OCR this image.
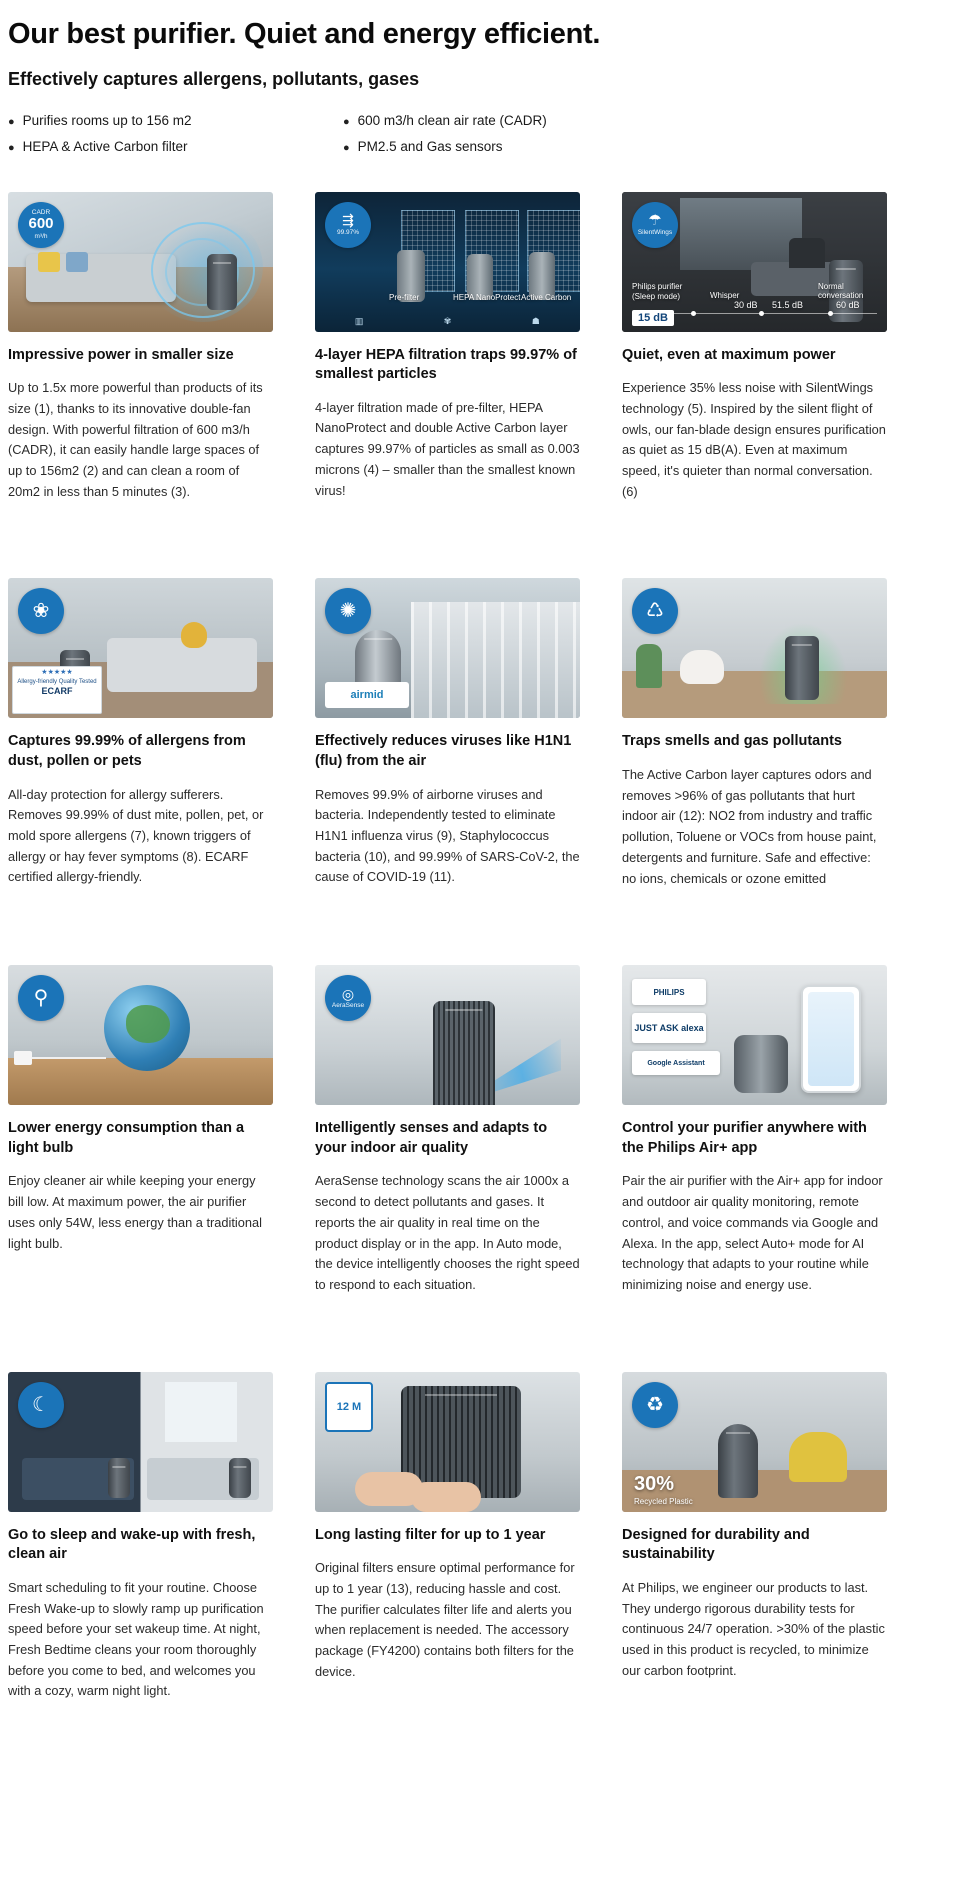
Our best purifier. Quiet and energy efficient.
Effectively captures allergens, pollutants, gases
● Purifies rooms up to 156 m2	● 600 m3/h clean air rate (CADR)
● HEPA & Active Carbon filter	● PM2.5 and Gas sensors
CADR
600
m³/h
Impressive power in smaller size
Up to 1.5x more powerful than products of its size (1), thanks to its innovative double-fan design. With powerful filtration of 600 m3/h (CADR), it can easily handle large spaces of up to 156m2 (2) and can clean a room of 20m2 in less than 5 minutes (3).
▥	✾	☗
Pre-filter	HEPA NanoProtect Active Carbon
⇶
99.97%
4-layer HEPA filtration traps 99.97% of smallest particles
4-layer filtration made of pre-filter, HEPA NanoProtect and double Active Carbon layer captures 99.97% of particles as small as 0.003 microns (4) – smaller than the smallest known virus!
Philips purifier (Sleep mode)	Whisper
30 dB 51.5 dB
Normal conversation
60 dB
15 dB
☂
SilentWings
Quiet, even at maximum power
Experience 35% less noise with SilentWings technology (5). Inspired by the silent flight of owls, our fan-blade design ensures purification as quiet as 15 dB(A). Even at maximum speed, it's quieter than normal conversation. (6)
★★★★★
Allergy-friendly Quality Tested
ECARF
❀
Captures 99.99% of allergens from dust, pollen or pets
All-day protection for allergy sufferers. Removes 99.99% of dust mite, pollen, pet, or mold spore allergens (7), known triggers of allergy or hay fever symptoms (8). ECARF certified allergy-friendly.
airmid
✺
Effectively reduces viruses like H1N1 (flu) from the air
Removes 99.9% of airborne viruses and bacteria. Independently tested to eliminate H1N1 influenza virus (9), Staphylococcus bacteria (10), and 99.99% of SARS-CoV-2, the cause of COVID-19 (11).
♺
Traps smells and gas pollutants
The Active Carbon layer captures odors and removes >96% of gas pollutants that hurt indoor air (12): NO2 from industry and traffic pollution, Toluene or VOCs from house paint, detergents and furniture. Safe and effective: no ions, chemicals or ozone emitted
⚲
Lower energy consumption than a light bulb
Enjoy cleaner air while keeping your energy bill low. At maximum power, the air purifier uses only 54W, less energy than a traditional light bulb.
◎
AeraSense
Intelligently senses and adapts to your indoor air quality
AeraSense technology scans the air 1000x a second to detect pollutants and gases. It reports the air quality in real time on the product display or in the app. In Auto mode, the device intelligently chooses the right speed to respond to each situation.
PHILIPS
JUST ASK alexa
Google Assistant
Control your purifier anywhere with the Philips Air+ app
Pair the air purifier with the Air+ app for indoor and outdoor air quality monitoring, remote control, and voice commands via Google and Alexa. In the app, select Auto+ mode for AI technology that adapts to your routine while minimizing noise and energy use.
☾
Go to sleep and wake-up with fresh, clean air
Smart scheduling to fit your routine. Choose Fresh Wake-up to slowly ramp up purification speed before your set wakeup time. At night, Fresh Bedtime cleans your room thoroughly before you come to bed, and welcomes you with a cozy, warm night light.
12 M
Long lasting filter for up to 1 year
Original filters ensure optimal performance for up to 1 year (13), reducing hassle and cost. The purifier calculates filter life and alerts you when replacement is needed. The accessory package (FY4200) contains both filters for the device.
30%
Recycled Plastic
♻
Designed for durability and sustainability
At Philips, we engineer our products to last. They undergo rigorous durability tests for continuous 24/7 operation. >30% of the plastic used in this product is recycled, to minimize our carbon footprint.
